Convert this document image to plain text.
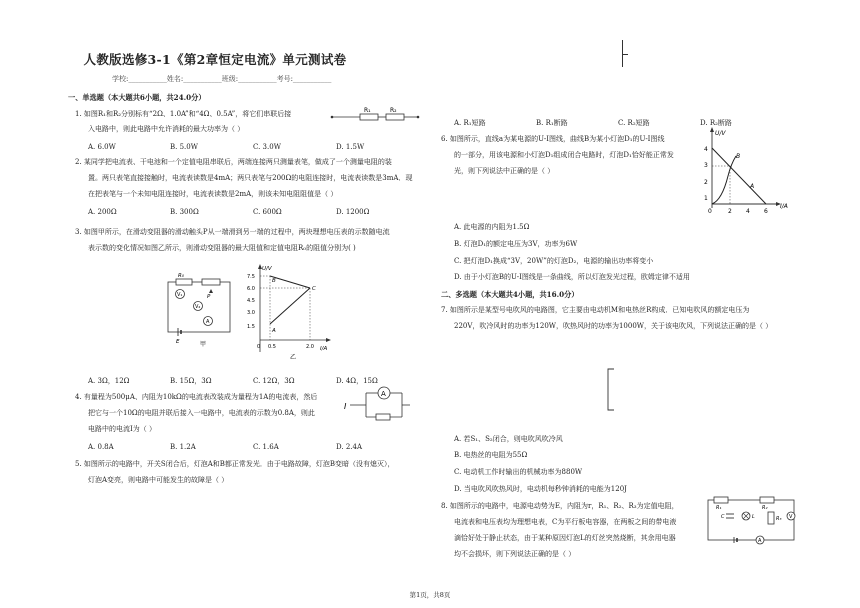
人教版选修3-1《第2章恒定电流》单元测试卷
学校:___________姓名:___________班级:___________考号:___________
一、单选题（本大题共6小题，共24.0分）
1. 如图R₁和R₂分别标有“2Ω、1.0A”和“4Ω、0.5A”，将它们串联后接
入电路中，则此电路中允许消耗的最大功率为（ ）
R₁	R₂
A. 6.0W	B. 5.0W	C. 3.0W	D. 1.5W
2. 某同学把电流表、干电池和一个定值电阻串联后，两端连接两只测量表笔，做成了一个测量电阻的装
置。两只表笔直接接触时，电流表读数是4mA；两只表笔与200Ω的电阻连接时，电流表读数是3mA．现
在把表笔与一个未知电阻连接时，电流表读数是2mA，则该未知电阻阻值是（ ）
A. 200Ω	B. 300Ω	C. 600Ω	D. 1200Ω
3. 如图甲所示，在滑动变阻器的滑动触头P从一端滑到另一端的过程中，两块理想电压表的示数随电流
表示数的变化情况如图乙所示，则滑动变阻器的最大阻值和定值电阻R₀的阻值分别为( )
R₀
P
V₁
V₂
A
E	甲
U/V
I/A
7.5
6.0
4.5
3.0
1.5
0 0.5	2.0
B
C
A
乙
A. 3Ω，12Ω	B. 15Ω，3Ω	C. 12Ω，3Ω	D. 4Ω，15Ω
4. 有量程为500μA、内阻为10kΩ的电流表改装成为量程为1A的电流表，然后
把它与一个10Ω的电阻并联后接入一电路中，电流表的示数为0.8A，则此
电路中的电流I为（ ）
I
A
A. 0.8A	B. 1.2A	C. 1.6A	D. 2.4A
5. 如图所示的电路中，开关S闭合后，灯泡A和B都正常发光．由于电路故障，灯泡B变暗（没有熄灭），
灯泡A变亮，则电路中可能发生的故障是（ ）
A. R₁短路	B. R₁断路	C. R₂短路	D. R₂断路
6. 如图所示，直线a为某电源的U-I图线，曲线B为某小灯泡D₁的U-I图线
的一部分，用该电源和小灯泡D₁组成闭合电路时，灯泡D₁恰好能正常发
光，则下列说法中正确的是（ ）
U/V
I/A
4
3
2
1
0	2 4 6
B
A
A. 此电源的内阻为1.5Ω
B. 灯泡D₁的额定电压为3V，功率为6W
C. 把灯泡D₁换成“3V，20W”的灯泡D₂，电源的输出功率将变小
D. 由于小灯泡B的U-I图线是一条曲线，所以灯泡发光过程，欧姆定律不适用
二、多选题（本大题共4小题，共16.0分）
7. 如图所示是某型号电吹风的电路图，它主要由电动机M和电热丝R构成．已知电吹风的额定电压为
220V，吹冷风时的功率为120W，吹热风时的功率为1000W，关于该电吹风，下列说法正确的是（ ）
A. 若S₁、S₂闭合，则电吹风吹冷风
B. 电热丝的电阻为55Ω
C. 电动机工作时输出的机械功率为880W
D. 当电吹风吹热风时，电动机每秒钟消耗的电能为120J
8. 如图所示的电路中，电源电动势为E，内阻为r，R₁、R₂、R₃为定值电阻，
电流表和电压表均为理想电表，C为平行板电容器，在两板之间的带电液
滴恰好处于静止状态，由于某种原因灯泡L的灯丝突然烧断，其余用电器
均不会损坏，则下列说法正确的是（ ）
R₁
C	L
R₂
R₃ V
A
第1页，共8页
